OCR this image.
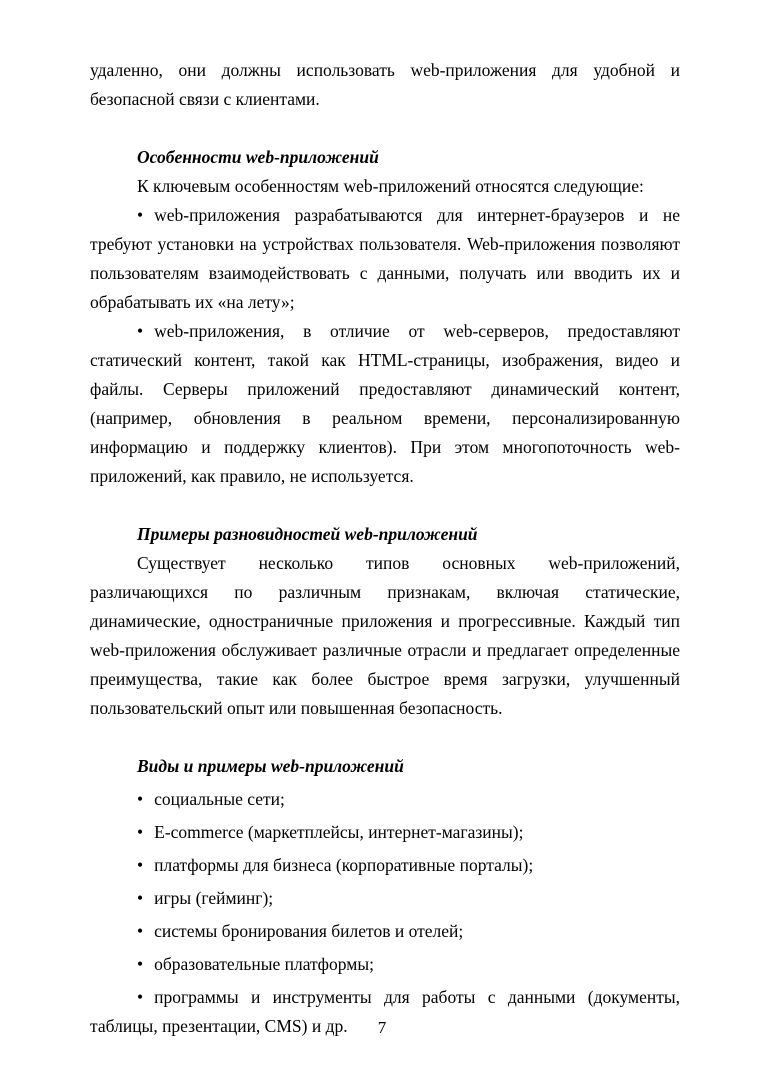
удаленно, они должны использовать web-приложения для удобной и безопасной связи с клиентами.

Особенности web-приложений

К ключевым особенностям web-приложений относятся следующие:

• web-приложения разрабатываются для интернет-браузеров и не требуют установки на устройствах пользователя. Web-приложения позволяют пользователям взаимодействовать с данными, получать или вводить их и обрабатывать их «на лету»;

• web-приложения, в отличие от web-серверов, предоставляют статический контент, такой как HTML-страницы, изображения, видео и файлы. Серверы приложений предоставляют динамический контент, (например, обновления в реальном времени, персонализированную информацию и поддержку клиентов). При этом многопоточность web-приложений, как правило, не используется.

Примеры разновидностей web-приложений

Существует несколько типов основных web-приложений, различающихся по различным признакам, включая статические, динамические, одностраничные приложения и прогрессивные. Каждый тип web-приложения обслуживает различные отрасли и предлагает определенные преимущества, такие как более быстрое время загрузки, улучшенный пользовательский опыт или повышенная безопасность.

Виды и примеры web-приложений

• социальные сети;

• E-commerce (маркетплейсы, интернет-магазины);

• платформы для бизнеса (корпоративные порталы);

• игры (гейминг);

• системы бронирования билетов и отелей;

• образовательные платформы;

• программы и инструменты для работы с данными (документы, таблицы, презентации, CMS) и др.	7
